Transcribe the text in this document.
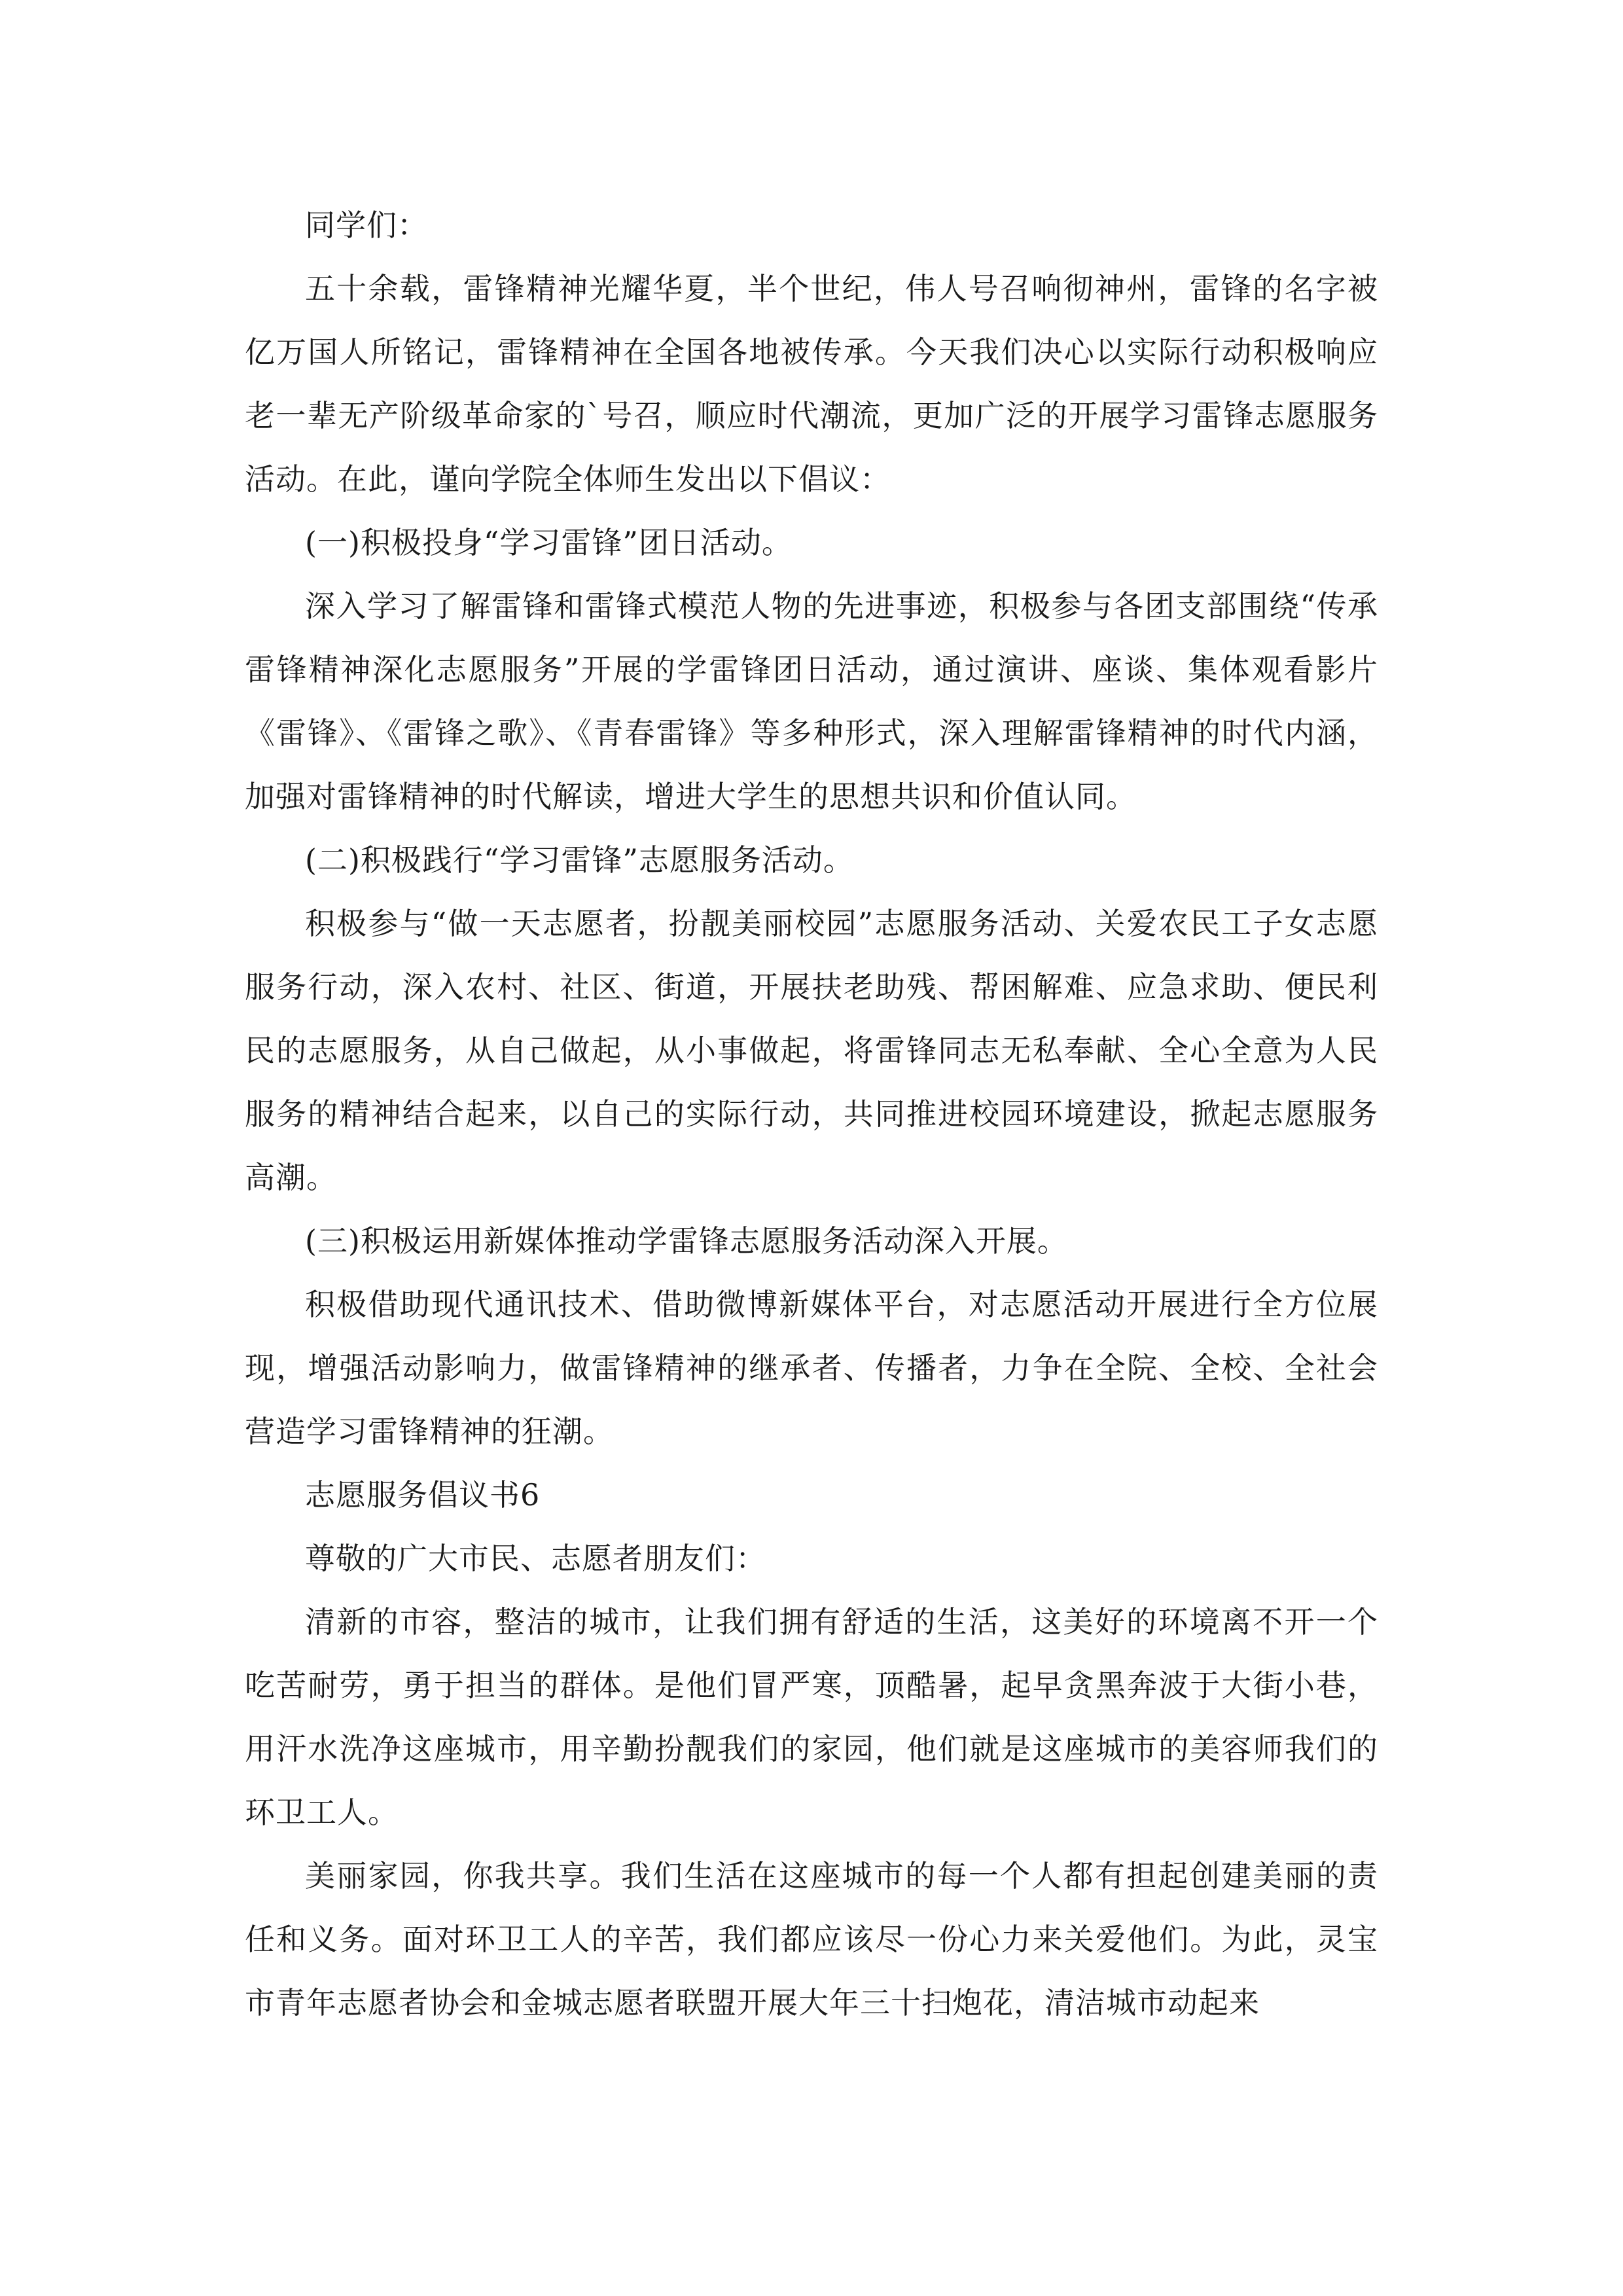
同学们：

五十余载，雷锋精神光耀华夏，半个世纪，伟人号召响彻神州，雷锋的名字被亿万国人所铭记，雷锋精神在全国各地被传承。今天我们决心以实际行动积极响应老一辈无产阶级革命家的`号召，顺应时代潮流，更加广泛的开展学习雷锋志愿服务活动。在此，谨向学院全体师生发出以下倡议：

(一)积极投身“学习雷锋”团日活动。

深入学习了解雷锋和雷锋式模范人物的先进事迹，积极参与各团支部围绕“传承雷锋精神深化志愿服务”开展的学雷锋团日活动，通过演讲、座谈、集体观看影片《雷锋》、《雷锋之歌》、《青春雷锋》等多种形式，深入理解雷锋精神的时代内涵，加强对雷锋精神的时代解读，增进大学生的思想共识和价值认同。

(二)积极践行“学习雷锋”志愿服务活动。

积极参与“做一天志愿者，扮靓美丽校园”志愿服务活动、关爱农民工子女志愿服务行动，深入农村、社区、街道，开展扶老助残、帮困解难、应急求助、便民利民的志愿服务，从自己做起，从小事做起，将雷锋同志无私奉献、全心全意为人民服务的精神结合起来，以自己的实际行动，共同推进校园环境建设，掀起志愿服务高潮。

(三)积极运用新媒体推动学雷锋志愿服务活动深入开展。

积极借助现代通讯技术、借助微博新媒体平台，对志愿活动开展进行全方位展现，增强活动影响力，做雷锋精神的继承者、传播者，力争在全院、全校、全社会营造学习雷锋精神的狂潮。

志愿服务倡议书6

尊敬的广大市民、志愿者朋友们：

清新的市容，整洁的城市，让我们拥有舒适的生活，这美好的环境离不开一个吃苦耐劳，勇于担当的群体。是他们冒严寒，顶酷暑，起早贪黑奔波于大街小巷，用汗水洗净这座城市，用辛勤扮靓我们的家园，他们就是这座城市的美容师我们的环卫工人。

美丽家园，你我共享。我们生活在这座城市的每一个人都有担起创建美丽的责任和义务。面对环卫工人的辛苦，我们都应该尽一份心力来关爱他们。为此，灵宝市青年志愿者协会和金城志愿者联盟开展大年三十扫炮花，清洁城市动起来
